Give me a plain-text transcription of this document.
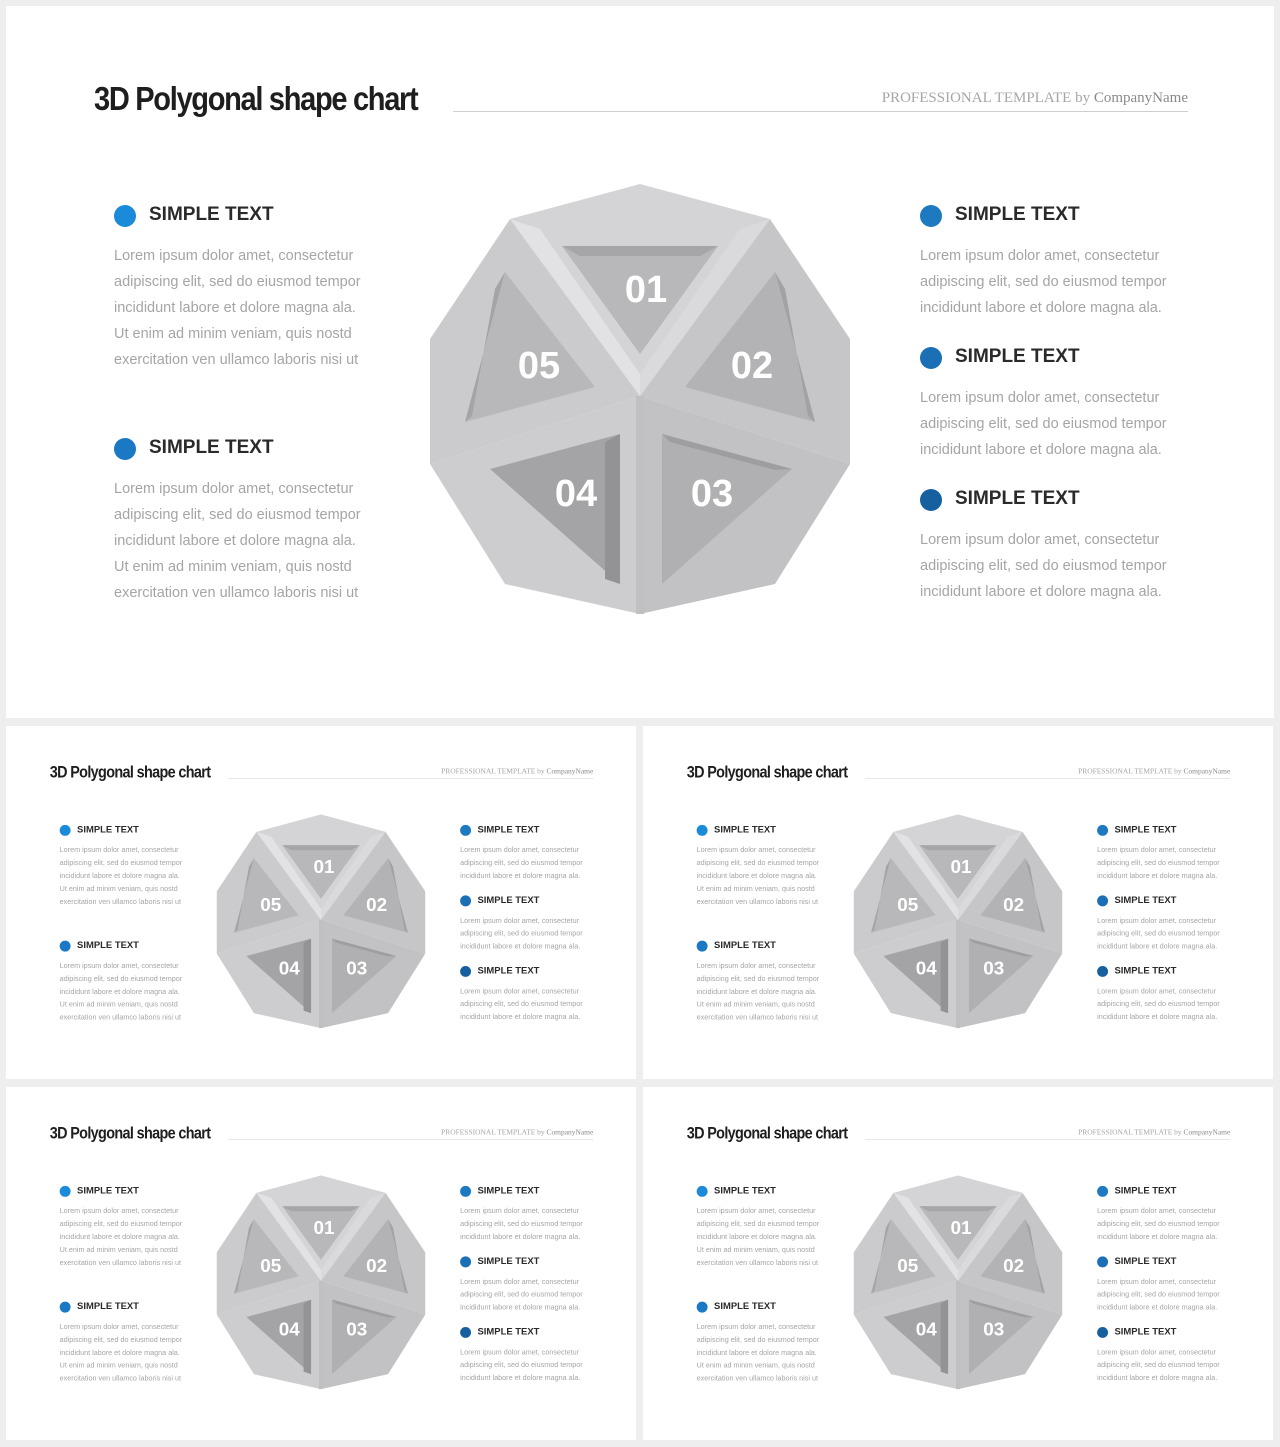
3D Polygonal shape chart	PROFESSIONAL TEMPLATE by CompanyName
SIMPLE TEXT
Lorem ipsum dolor amet, consectetur
adipiscing elit, sed do eiusmod tempor
incididunt labore et dolore magna ala.
Ut enim ad minim veniam, quis nostd
exercitation ven ullamco laboris nisi ut
SIMPLE TEXT
Lorem ipsum dolor amet, consectetur
adipiscing elit, sed do eiusmod tempor
incididunt labore et dolore magna ala.
Ut enim ad minim veniam, quis nostd
exercitation ven ullamco laboris nisi ut
SIMPLE TEXT
Lorem ipsum dolor amet, consectetur
adipiscing elit, sed do eiusmod tempor
incididunt labore et dolore magna ala.
SIMPLE TEXT
Lorem ipsum dolor amet, consectetur
adipiscing elit, sed do eiusmod tempor
incididunt labore et dolore magna ala.
SIMPLE TEXT
Lorem ipsum dolor amet, consectetur
adipiscing elit, sed do eiusmod tempor
incididunt labore et dolore magna ala.
01
02
03
04
05
3D Polygonal shape chart	PROFESSIONAL TEMPLATE by CompanyName
SIMPLE TEXT
Lorem ipsum dolor amet, consectetur
adipiscing elit, sed do eiusmod tempor
incididunt labore et dolore magna ala.
Ut enim ad minim veniam, quis nostd
exercitation ven ullamco laboris nisi ut
SIMPLE TEXT
Lorem ipsum dolor amet, consectetur
adipiscing elit, sed do eiusmod tempor
incididunt labore et dolore magna ala.
Ut enim ad minim veniam, quis nostd
exercitation ven ullamco laboris nisi ut
SIMPLE TEXT
Lorem ipsum dolor amet, consectetur
adipiscing elit, sed do eiusmod tempor
incididunt labore et dolore magna ala.
SIMPLE TEXT
Lorem ipsum dolor amet, consectetur
adipiscing elit, sed do eiusmod tempor
incididunt labore et dolore magna ala.
SIMPLE TEXT
Lorem ipsum dolor amet, consectetur
adipiscing elit, sed do eiusmod tempor
incididunt labore et dolore magna ala.
01
02
03
04
05
3D Polygonal shape chart	PROFESSIONAL TEMPLATE by CompanyName
SIMPLE TEXT
Lorem ipsum dolor amet, consectetur
adipiscing elit, sed do eiusmod tempor
incididunt labore et dolore magna ala.
Ut enim ad minim veniam, quis nostd
exercitation ven ullamco laboris nisi ut
SIMPLE TEXT
Lorem ipsum dolor amet, consectetur
adipiscing elit, sed do eiusmod tempor
incididunt labore et dolore magna ala.
Ut enim ad minim veniam, quis nostd
exercitation ven ullamco laboris nisi ut
SIMPLE TEXT
Lorem ipsum dolor amet, consectetur
adipiscing elit, sed do eiusmod tempor
incididunt labore et dolore magna ala.
SIMPLE TEXT
Lorem ipsum dolor amet, consectetur
adipiscing elit, sed do eiusmod tempor
incididunt labore et dolore magna ala.
SIMPLE TEXT
Lorem ipsum dolor amet, consectetur
adipiscing elit, sed do eiusmod tempor
incididunt labore et dolore magna ala.
01
02
03
04
05
3D Polygonal shape chart	PROFESSIONAL TEMPLATE by CompanyName
SIMPLE TEXT
Lorem ipsum dolor amet, consectetur
adipiscing elit, sed do eiusmod tempor
incididunt labore et dolore magna ala.
Ut enim ad minim veniam, quis nostd
exercitation ven ullamco laboris nisi ut
SIMPLE TEXT
Lorem ipsum dolor amet, consectetur
adipiscing elit, sed do eiusmod tempor
incididunt labore et dolore magna ala.
Ut enim ad minim veniam, quis nostd
exercitation ven ullamco laboris nisi ut
SIMPLE TEXT
Lorem ipsum dolor amet, consectetur
adipiscing elit, sed do eiusmod tempor
incididunt labore et dolore magna ala.
SIMPLE TEXT
Lorem ipsum dolor amet, consectetur
adipiscing elit, sed do eiusmod tempor
incididunt labore et dolore magna ala.
SIMPLE TEXT
Lorem ipsum dolor amet, consectetur
adipiscing elit, sed do eiusmod tempor
incididunt labore et dolore magna ala.
01
02
03
04
05
3D Polygonal shape chart	PROFESSIONAL TEMPLATE by CompanyName
SIMPLE TEXT
Lorem ipsum dolor amet, consectetur
adipiscing elit, sed do eiusmod tempor
incididunt labore et dolore magna ala.
Ut enim ad minim veniam, quis nostd
exercitation ven ullamco laboris nisi ut
SIMPLE TEXT
Lorem ipsum dolor amet, consectetur
adipiscing elit, sed do eiusmod tempor
incididunt labore et dolore magna ala.
Ut enim ad minim veniam, quis nostd
exercitation ven ullamco laboris nisi ut
SIMPLE TEXT
Lorem ipsum dolor amet, consectetur
adipiscing elit, sed do eiusmod tempor
incididunt labore et dolore magna ala.
SIMPLE TEXT
Lorem ipsum dolor amet, consectetur
adipiscing elit, sed do eiusmod tempor
incididunt labore et dolore magna ala.
SIMPLE TEXT
Lorem ipsum dolor amet, consectetur
adipiscing elit, sed do eiusmod tempor
incididunt labore et dolore magna ala.
01
02
03
04
05
